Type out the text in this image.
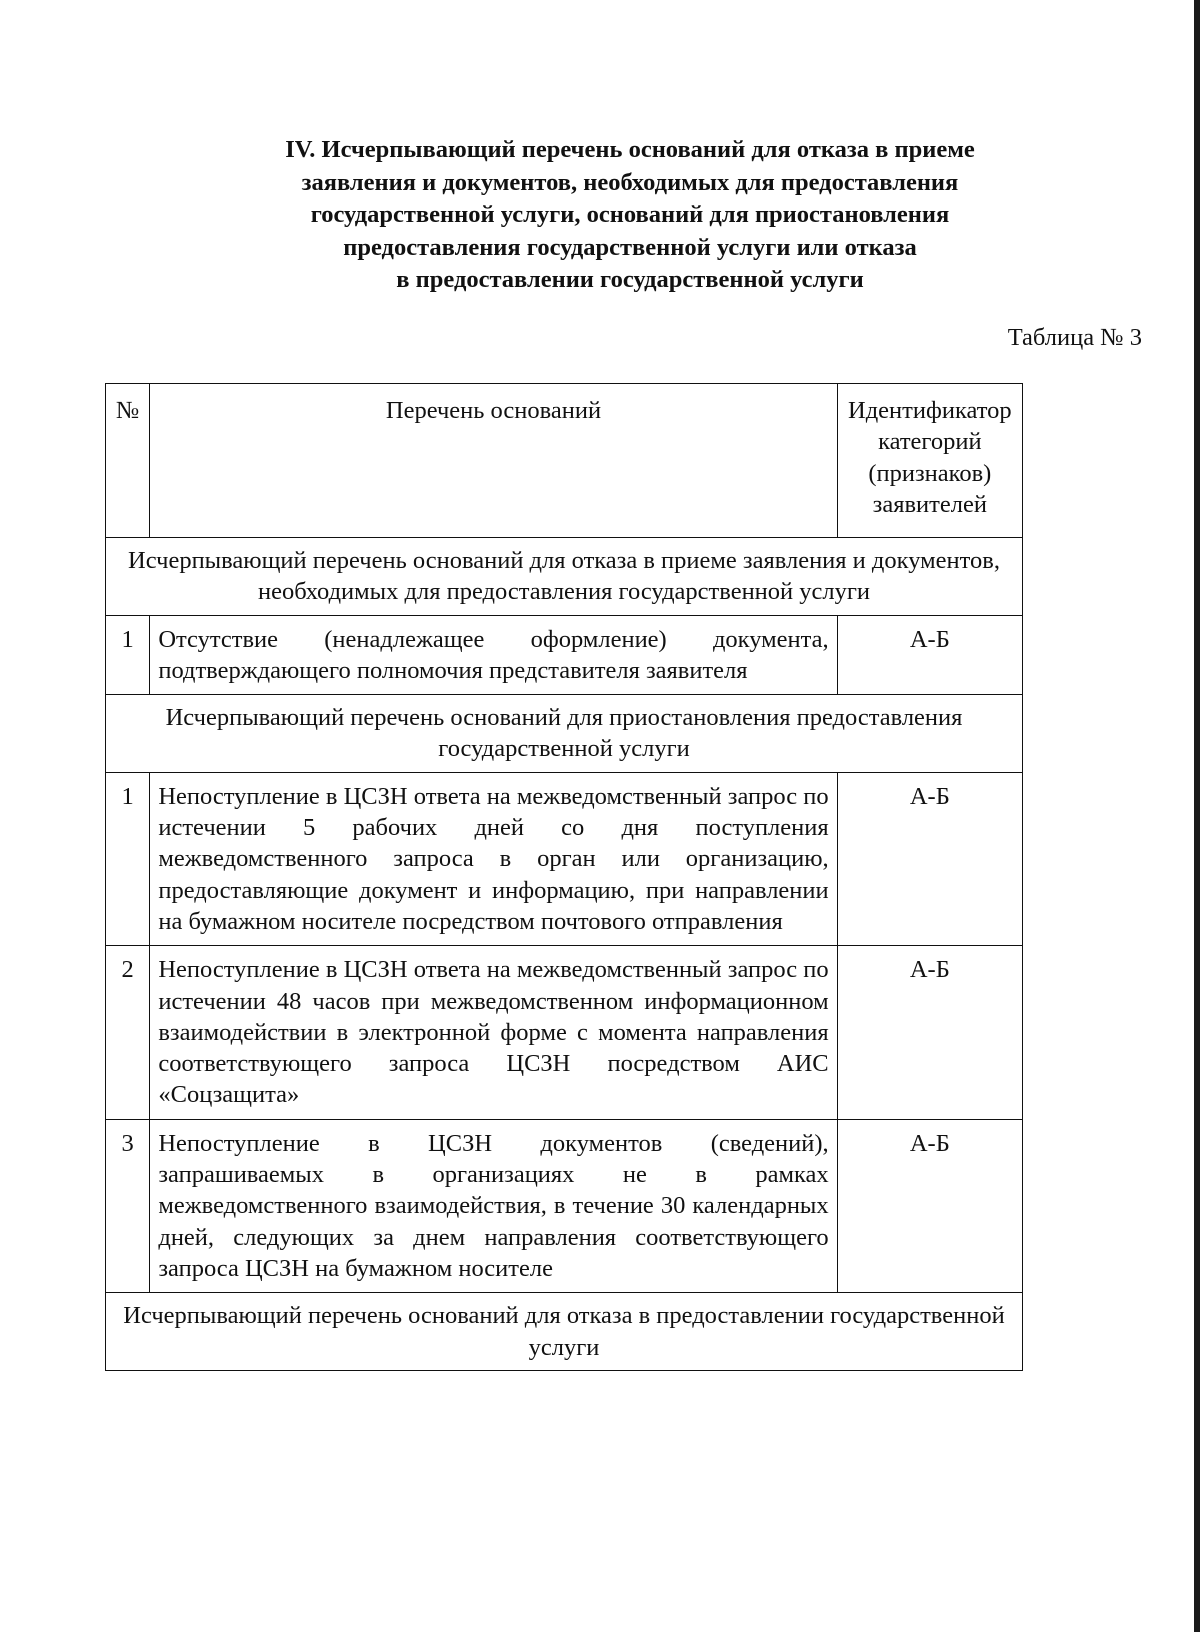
IV. Исчерпывающий перечень оснований для отказа в приеме
заявления и документов, необходимых для предоставления
государственной услуги, оснований для приостановления
предоставления государственной услуги или отказа
в предоставлении государственной услуги
Таблица № 3
№	Перечень оснований	Идентификатор категорий (признаков) заявителей
Исчерпывающий перечень оснований для отказа в приеме заявления и документов, необходимых для предоставления государственной услуги		
1	Отсутствие (ненадлежащее оформление) документа, подтверждающего полномочия представителя заявителя	А-Б
Исчерпывающий перечень оснований для приостановления предоставления государственной услуги		
1	Непоступление в ЦСЗН ответа на межведомственный запрос по истечении 5 рабочих дней со дня поступления межведомственного запроса в орган или организацию, предоставляющие документ и информацию, при направлении на бумажном носителе посредством почтового отправления	А-Б
2	Непоступление в ЦСЗН ответа на межведомственный запрос по истечении 48 часов при межведомственном информационном взаимодействии в электронной форме с момента направления соответствующего запроса ЦСЗН посредством АИС «Соцзащита»	А-Б
3	Непоступление в ЦСЗН документов (сведений), запрашиваемых в организациях не в рамках межведомственного взаимодействия, в течение 30 календарных дней, следующих за днем направления соответствующего запроса ЦСЗН на бумажном носителе	А-Б
Исчерпывающий перечень оснований для отказа в предоставлении государственной услуги		
